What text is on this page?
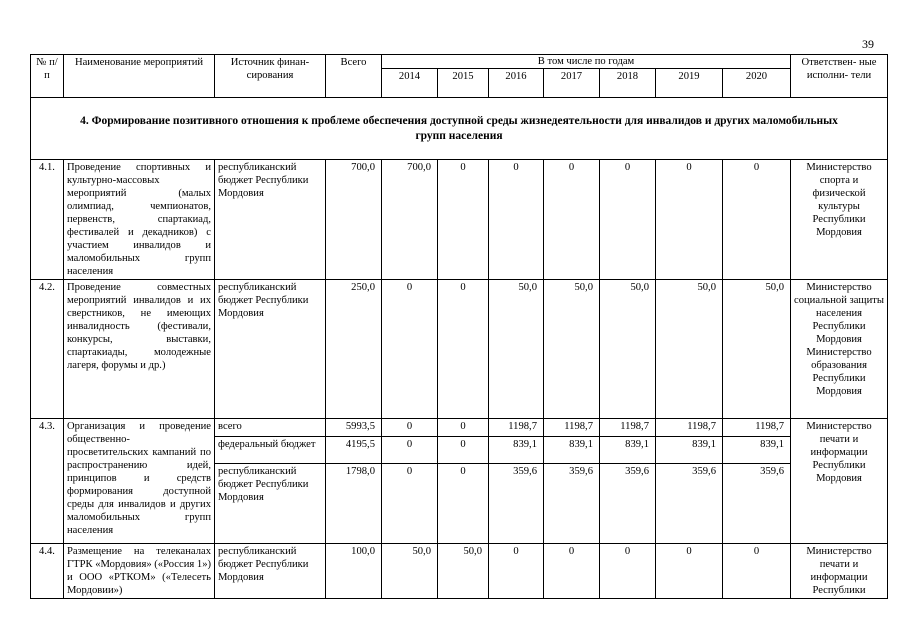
39
№ п/п	Наименование мероприятий	Источник финан- сирования	Всего	В том числе по годам							Ответствен- ные исполни- тели
				2014	2015	2016	2017	2018	2019	2020	
4. Формирование позитивного отношения к проблеме обеспечения доступной среды жизнедеятельности для инвалидов и других маломобильных групп населения											
4.1.	Проведение спортивных и культурно-массовых мероприятий (малых олимпиад, чемпионатов, первенств, спартакиад, фестивалей и декадников) с участием инвалидов и маломобильных групп населения	республиканский бюджет Республики Мордовия	700,0	700,0	0	0	0	0	0	0	Министерство спорта и физической культуры Республики Мордовия
4.2.	Проведение совместных мероприятий инвалидов и их сверстников, не имеющих инвалидность (фестивали, конкурсы, выставки, спартакиады, молодежные лагеря, форумы и др.)	республиканский бюджет Республики Мордовия	250,0	0	0	50,0	50,0	50,0	50,0	50,0	Министерство социальной защиты населения Республики Мордовия Министерство образования Республики Мордовия
4.3.	Организация и проведение общественно-просветительских кампаний по распространению идей, принципов и средств формирования доступной среды для инвалидов и других маломобильных групп населения	всего	5993,5	0	0	1198,7	1198,7	1198,7	1198,7	1198,7	Министерство печати и информации Республики Мордовия
		федеральный бюджет	4195,5	0	0	839,1	839,1	839,1	839,1	839,1	
		республиканский бюджет Республики Мордовия	1798,0	0	0	359,6	359,6	359,6	359,6	359,6	
4.4.	Размещение на телеканалах ГТРК «Мордовия» («Россия 1») и ООО «РТКОМ» («Телесеть Мордовии»)	республиканский бюджет Республики Мордовия	100,0	50,0	50,0	0	0	0	0	0	Министерство печати и информации Республики
